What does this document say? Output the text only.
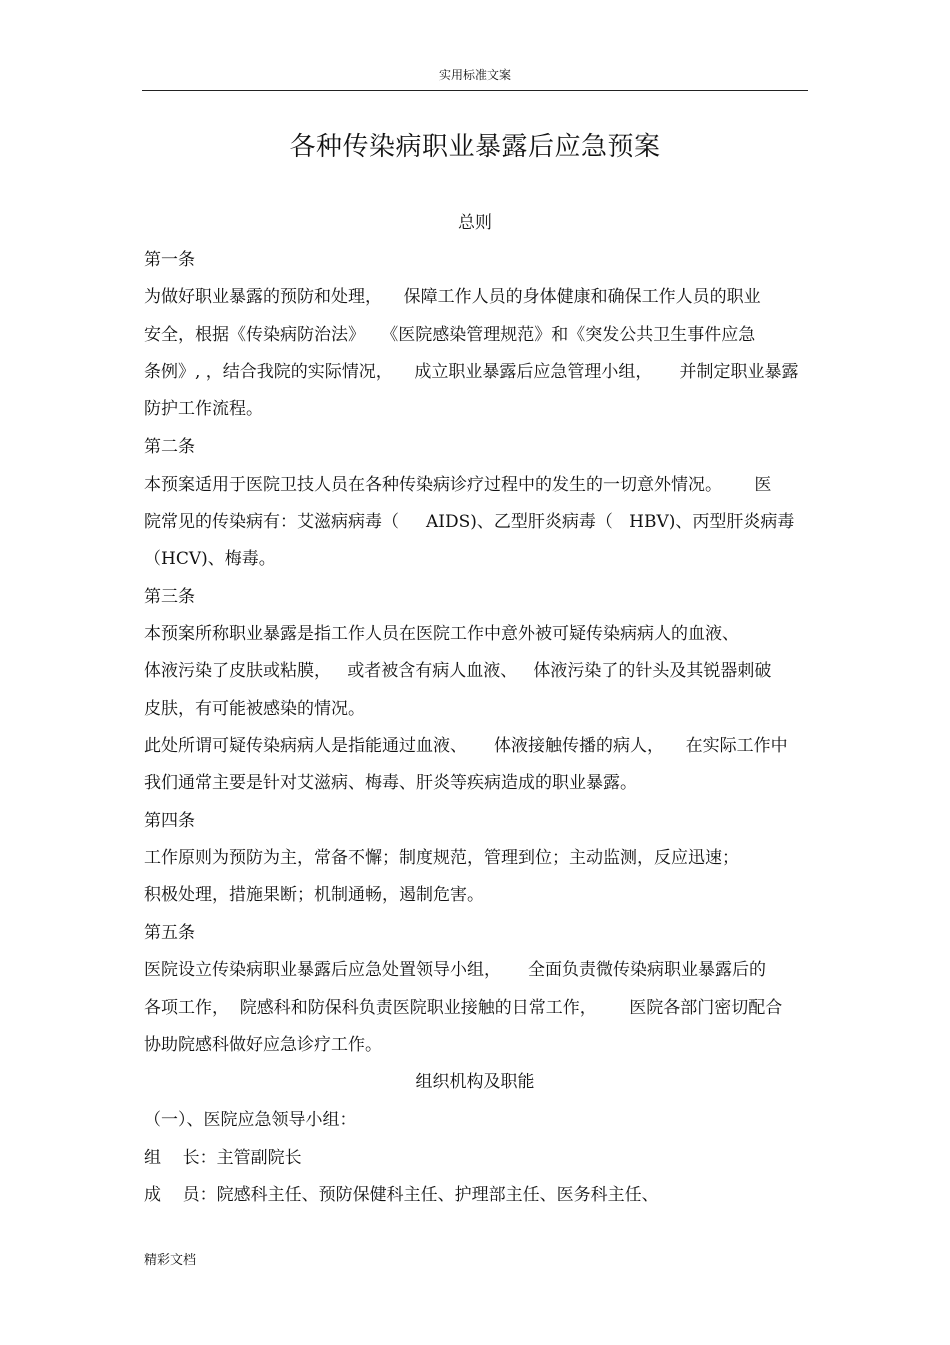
实用标准文案
各种传染病职业暴露后应急预案
总则
第一条
为做好职业暴露的预防和处理，    保障工作人员的身体健康和确保工作人员的职业
安全，根据《传染病防治法》   《医院感染管理规范》和《突发公共卫生事件应急
条例》, ，结合我院的实际情况，    成立职业暴露后应急管理小组，     并制定职业暴露
防护工作流程。
第二条
本预案适用于医院卫技人员在各种传染病诊疗过程中的发生的一切意外情况。      医
院常见的传染病有：艾滋病病毒（     AIDS)、乙型肝炎病毒（   HBV)、丙型肝炎病毒
（HCV)、梅毒。
第三条
本预案所称职业暴露是指工作人员在医院工作中意外被可疑传染病病人的血液、
体液污染了皮肤或粘膜，   或者被含有病人血液、   体液污染了的针头及其锐器刺破
皮肤，有可能被感染的情况。
此处所谓可疑传染病病人是指能通过血液、     体液接触传播的病人，    在实际工作中
我们通常主要是针对艾滋病、梅毒、肝炎等疾病造成的职业暴露。
第四条
工作原则为预防为主，常备不懈；制度规范，管理到位；主动监测，反应迅速；
积极处理，措施果断；机制通畅，遏制危害。
第五条
医院设立传染病职业暴露后应急处置领导小组，     全面负责微传染病职业暴露后的
各项工作，  院感科和防保科负责医院职业接触的日常工作，      医院各部门密切配合
协助院感科做好应急诊疗工作。
组织机构及职能
（一）、医院应急领导小组：
组    长：主管副院长
成    员：院感科主任、预防保健科主任、护理部主任、医务科主任、
精彩文档
